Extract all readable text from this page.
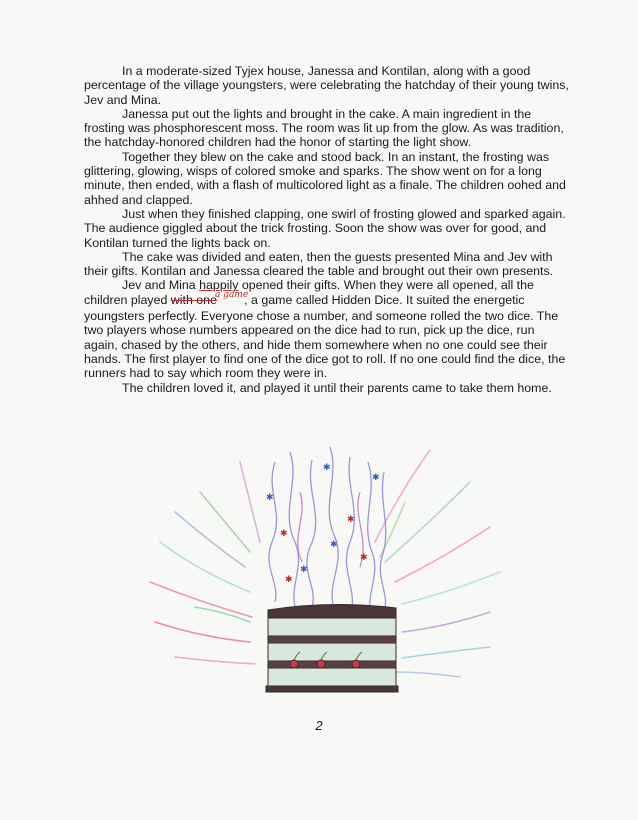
In a moderate-sized Tyjex house, Janessa and Kontilan, along with a good percentage of the village youngsters, were celebrating the hatchday of their young twins, Jev and Mina.

Janessa put out the lights and brought in the cake. A main ingredient in the frosting was phosphorescent moss. The room was lit up from the glow. As was tradition, the hatchday-honored children had the honor of starting the light show.

Together they blew on the cake and stood back. In an instant, the frosting was glittering, glowing, wisps of colored smoke and sparks. The show went on for a long minute, then ended, with a flash of multicolored light as a finale. The children oohed and ahhed and clapped.

Just when they finished clapping, one swirl of frosting glowed and sparked again. The audience giggled about the trick frosting. Soon the show was over for good, and Kontilan turned the lights back on.

The cake was divided and eaten, then the guests presented Mina and Jev with their gifts. Kontilan and Janessa cleared the table and brought out their own presents.

Jev and Mina happily opened their gifts. When they were all opened, all the children played with one$^{a game}$, a game called Hidden Dice. It suited the energetic youngsters perfectly. Everyone chose a number, and someone rolled the two dice. The two players whose numbers appeared on the dice had to run, pick up the dice, run again, chased by the others, and hide them somewhere when no one could see their hands. The first player to find one of the dice got to roll. If no one could find the dice, the runners had to say which room they were in.

The children loved it, and played it until their parents came to take them home.

✱
✱
✱
✱
✱
✱
✱
✱
✱
2
